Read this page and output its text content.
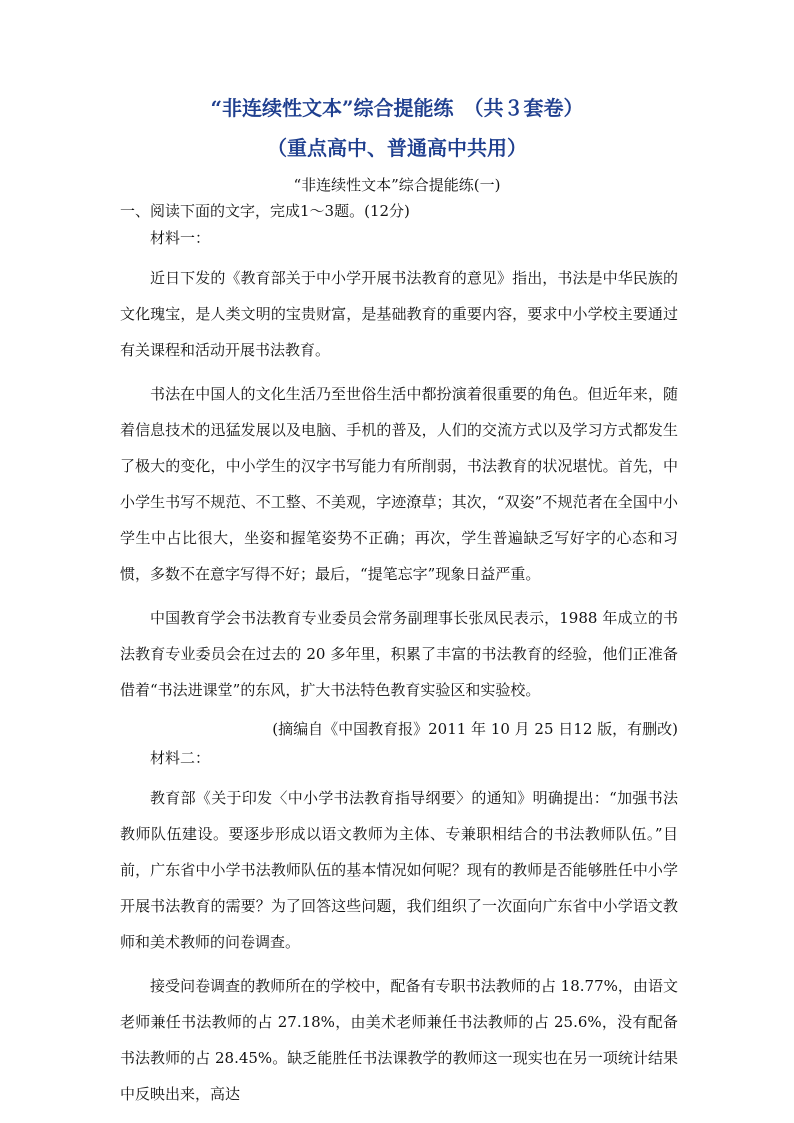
“非连续性文本”综合提能练　（共３套卷）
（重点高中、普通高中共用）
“非连续性文本”综合提能练(一)
一、阅读下面的文字，完成1～3题。(12分)
材料一：

近日下发的《教育部关于中小学开展书法教育的意见》指出，书法是中华民族的文化瑰宝，是人类文明的宝贵财富，是基础教育的重要内容，要求中小学校主要通过有关课程和活动开展书法教育。

书法在中国人的文化生活乃至世俗生活中都扮演着很重要的角色。但近年来，随着信息技术的迅猛发展以及电脑、手机的普及，人们的交流方式以及学习方式都发生了极大的变化，中小学生的汉字书写能力有所削弱，书法教育的状况堪忧。首先，中小学生书写不规范、不工整、不美观，字迹潦草；其次，“双姿”不规范者在全国中小学生中占比很大，坐姿和握笔姿势不正确；再次，学生普遍缺乏写好字的心态和习惯，多数不在意字写得不好；最后，“提笔忘字”现象日益严重。

中国教育学会书法教育专业委员会常务副理事长张凤民表示，1988 年成立的书法教育专业委员会在过去的 20 多年里，积累了丰富的书法教育的经验，他们正准备借着“书法进课堂”的东风，扩大书法特色教育实验区和实验校。

(摘编自《中国教育报》2011 年 10 月 25 日12 版，有删改)
材料二：

教育部《关于印发〈中小学书法教育指导纲要〉的通知》明确提出：“加强书法教师队伍建设。要逐步形成以语文教师为主体、专兼职相结合的书法教师队伍。”目前，广东省中小学书法教师队伍的基本情况如何呢？现有的教师是否能够胜任中小学开展书法教育的需要？为了回答这些问题，我们组织了一次面向广东省中小学语文教师和美术教师的问卷调查。

接受问卷调查的教师所在的学校中，配备有专职书法教师的占 18.77%，由语文老师兼任书法教师的占 27.18%，由美术老师兼任书法教师的占 25.6%，没有配备书法教师的占 28.45%。缺乏能胜任书法课教学的教师这一现实也在另一项统计结果中反映出来，高达
